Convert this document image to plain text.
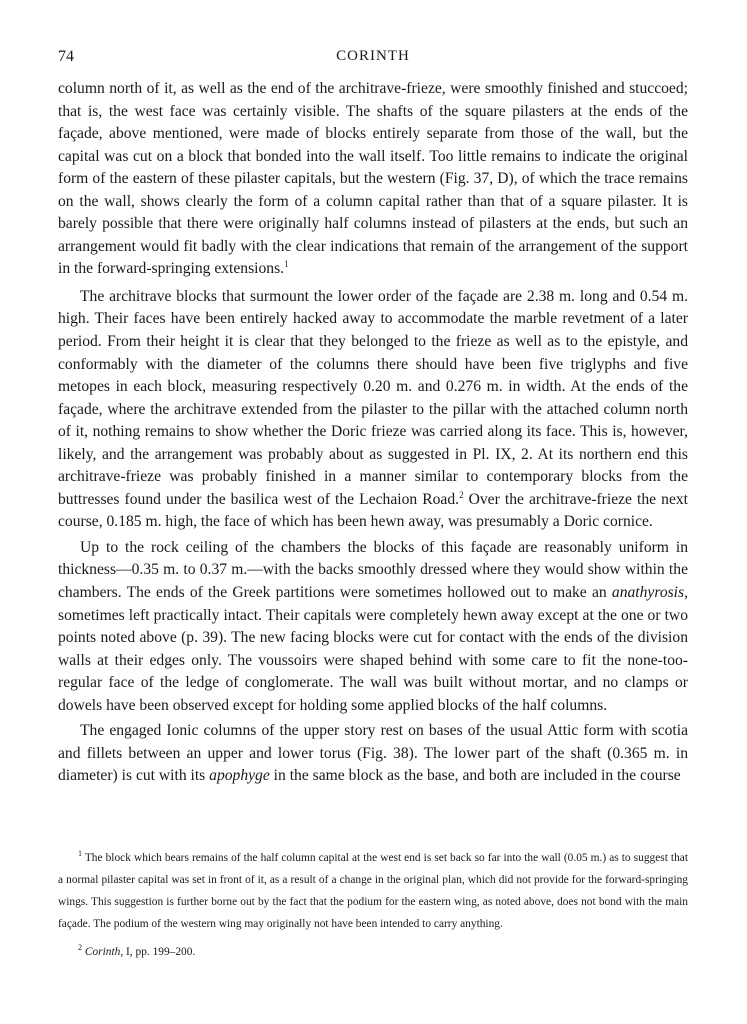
74	CORINTH

column north of it, as well as the end of the architrave-frieze, were smoothly finished and stuccoed; that is, the west face was certainly visible. The shafts of the square pilasters at the ends of the façade, above mentioned, were made of blocks entirely separate from those of the wall, but the capital was cut on a block that bonded into the wall itself. Too little remains to indicate the original form of the eastern of these pilaster capitals, but the western (Fig. 37, D), of which the trace remains on the wall, shows clearly the form of a column capital rather than that of a square pilaster. It is barely possible that there were originally half columns instead of pilasters at the ends, but such an arrangement would fit badly with the clear indications that remain of the arrangement of the support in the forward-springing extensions.$^1$

The architrave blocks that surmount the lower order of the façade are 2.38 m. long and 0.54 m. high. Their faces have been entirely hacked away to accommodate the marble revetment of a later period. From their height it is clear that they belonged to the frieze as well as to the epistyle, and conformably with the diameter of the columns there should have been five triglyphs and five metopes in each block, measuring respectively 0.20 m. and 0.276 m. in width. At the ends of the façade, where the architrave extended from the pilaster to the pillar with the attached column north of it, nothing remains to show whether the Doric frieze was carried along its face. This is, however, likely, and the arrangement was probably about as suggested in Pl. IX, 2. At its northern end this architrave-frieze was probably finished in a manner similar to contemporary blocks from the buttresses found under the basilica west of the Lechaion Road.$^2$ Over the architrave-frieze the next course, 0.185 m. high, the face of which has been hewn away, was presumably a Doric cornice.

Up to the rock ceiling of the chambers the blocks of this façade are reasonably uniform in thickness—0.35 m. to 0.37 m.—with the backs smoothly dressed where they would show within the chambers. The ends of the Greek partitions were sometimes hollowed out to make an anathyrosis, sometimes left practically intact. Their capitals were completely hewn away except at the one or two points noted above (p. 39). The new facing blocks were cut for contact with the ends of the division walls at their edges only. The voussoirs were shaped behind with some care to fit the none-too-regular face of the ledge of conglomerate. The wall was built without mortar, and no clamps or dowels have been observed except for holding some applied blocks of the half columns.

The engaged Ionic columns of the upper story rest on bases of the usual Attic form with scotia and fillets between an upper and lower torus (Fig. 38). The lower part of the shaft (0.365 m. in diameter) is cut with its apophyge in the same block as the base, and both are included in the course

$^1$ The block which bears remains of the half column capital at the west end is set back so far into the wall (0.05 m.) as to suggest that a normal pilaster capital was set in front of it, as a result of a change in the original plan, which did not provide for the forward-springing wings. This suggestion is further borne out by the fact that the podium for the eastern wing, as noted above, does not bond with the main façade. The podium of the western wing may originally not have been intended to carry anything.

$^2$ Corinth, I, pp. 199–200.
